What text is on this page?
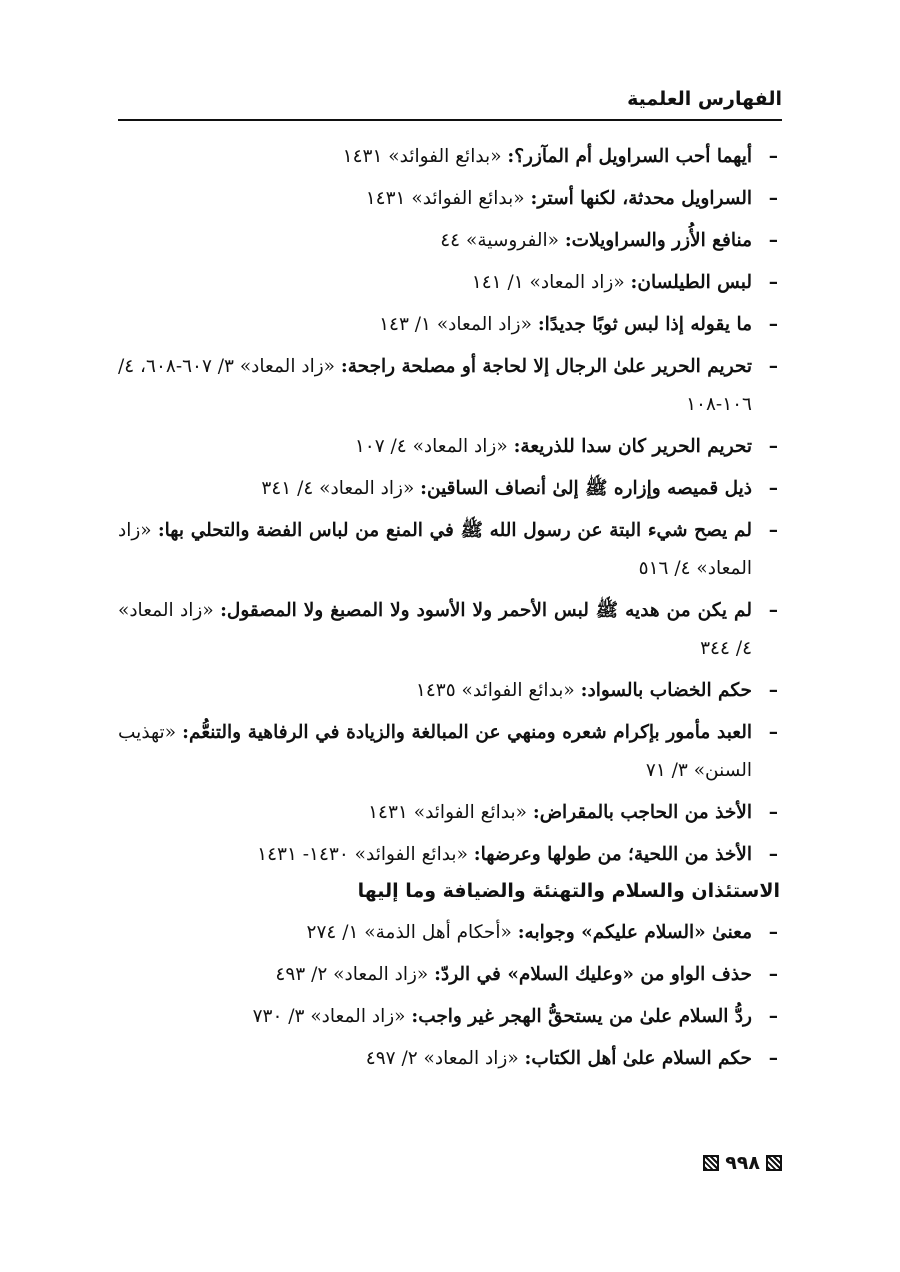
الفهارس العلمية
–
أيهما أحب السراويل أم المآزر؟: «بدائع الفوائد» ١٤٣١
–
السراويل محدثة، لكنها أستر: «بدائع الفوائد» ١٤٣١
–
منافع الأُزر والسراويلات: «الفروسية» ٤٤
–
لبس الطيلسان: «زاد المعاد» ١/ ١٤١
–
ما يقوله إذا لبس ثوبًا جديدًا: «زاد المعاد» ١/ ١٤٣
–
تحريم الحرير علىٰ الرجال إلا لحاجة أو مصلحة راجحة: «زاد المعاد» ٣/ ٦٠٧-٦٠٨، ٤/ ١٠٦-١٠٨
–
تحريم الحرير كان سدا للذريعة: «زاد المعاد» ٤/ ١٠٧
–
ذيل قميصه وإزاره ﷺ إلىٰ أنصاف الساقين: «زاد المعاد» ٤/ ٣٤١
–
لم يصح شيء البتة عن رسول الله ﷺ في المنع من لباس الفضة والتحلي بها: «زاد المعاد» ٤/ ٥١٦
–
لم يكن من هديه ﷺ لبس الأحمر ولا الأسود ولا المصبغ ولا المصقول: «زاد المعاد» ٤/ ٣٤٤
–
حكم الخضاب بالسواد: «بدائع الفوائد» ١٤٣٥
–
العبد مأمور بإكرام شعره ومنهي عن المبالغة والزيادة في الرفاهية والتنعُّم: «تهذيب السنن» ٣/ ٧١
–
الأخذ من الحاجب بالمقراض: «بدائع الفوائد» ١٤٣١
–
الأخذ من اللحية؛ من طولها وعرضها: «بدائع الفوائد» ١٤٣٠- ١٤٣١
الاستئذان والسلام والتهنئة والضيافة وما إليها
–
معنىٰ «السلام عليكم» وجوابه: «أحكام أهل الذمة» ١/ ٢٧٤
–
حذف الواو من «وعليك السلام» في الردّ: «زاد المعاد» ٢/ ٤٩٣
–
ردُّ السلام علىٰ من يستحقُّ الهجر غير واجب: «زاد المعاد» ٣/ ٧٣٠
–
حكم السلام علىٰ أهل الكتاب: «زاد المعاد» ٢/ ٤٩٧
٩٩٨
